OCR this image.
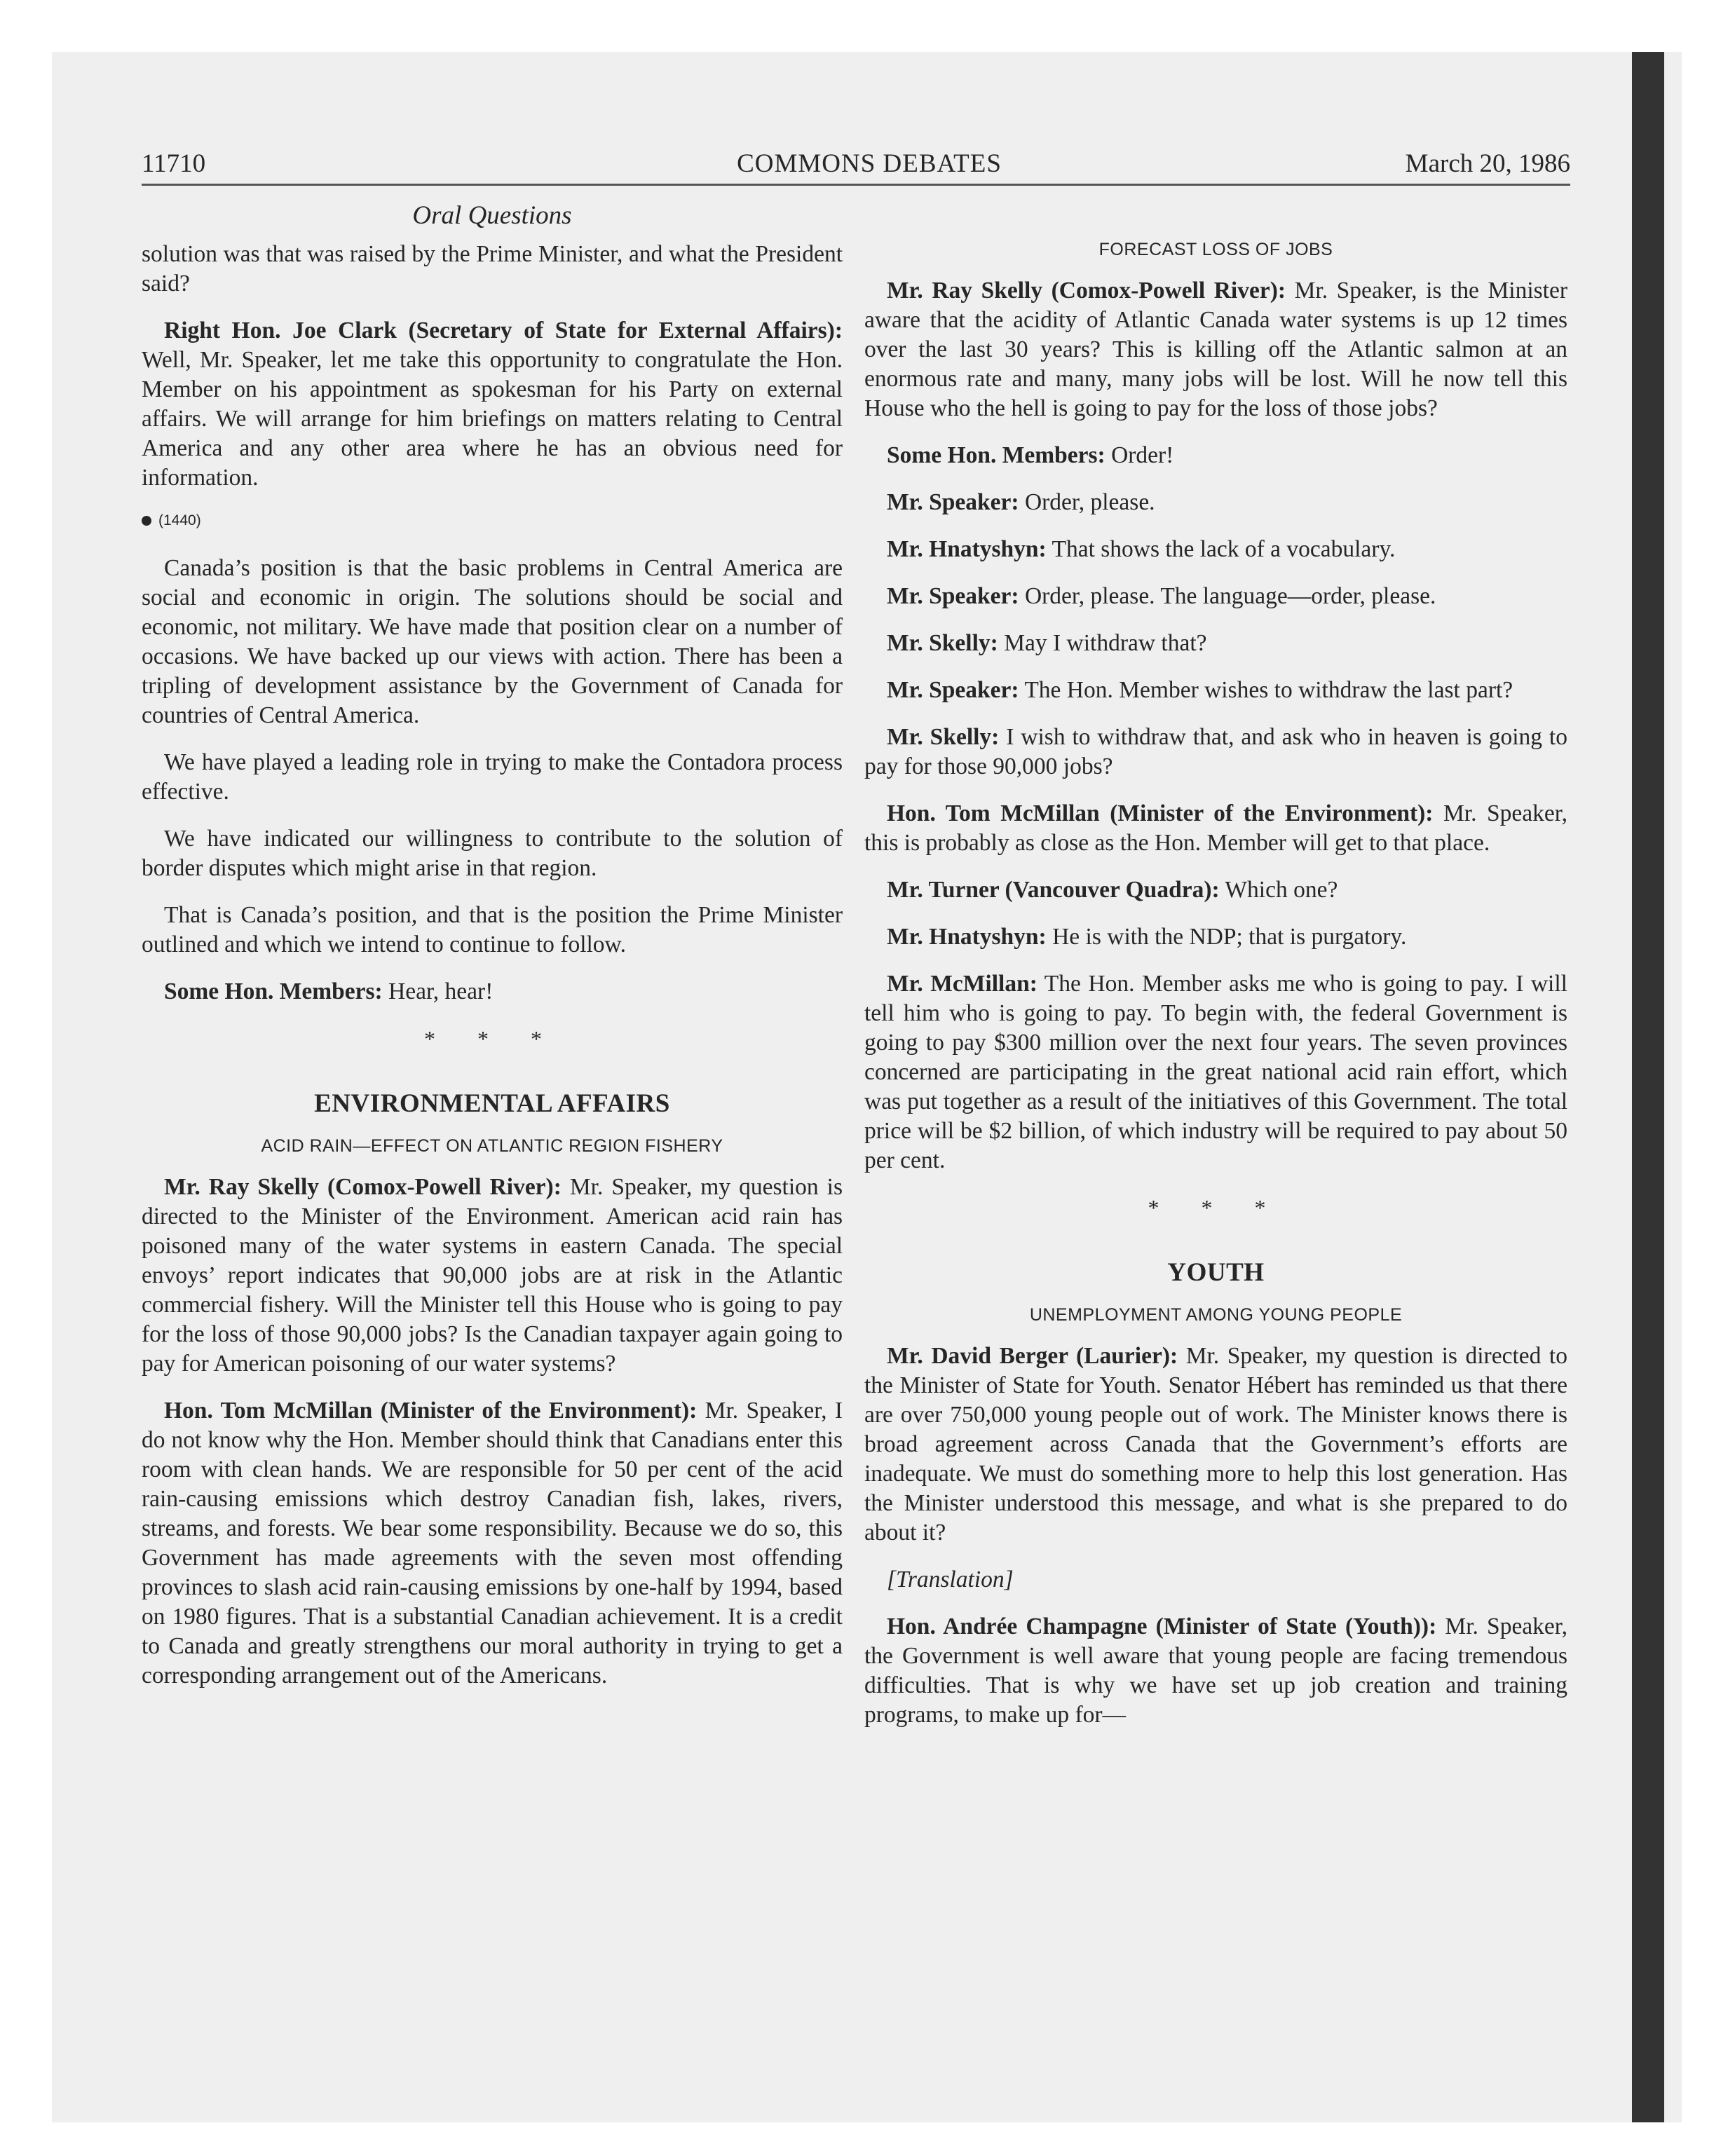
11710	COMMONS DEBATES	March 20, 1986
Oral Questions

solution was that was raised by the Prime Minister, and what the President said?

Right Hon. Joe Clark (Secretary of State for External Affairs): Well, Mr. Speaker, let me take this opportunity to congratulate the Hon. Member on his appointment as spokesman for his Party on external affairs. We will arrange for him briefings on matters relating to Central America and any other area where he has an obvious need for information.

(1440)

Canada’s position is that the basic problems in Central America are social and economic in origin. The solutions should be social and economic, not military. We have made that position clear on a number of occasions. We have backed up our views with action. There has been a tripling of development assistance by the Government of Canada for countries of Central America.

We have played a leading role in trying to make the Contadora process effective.

We have indicated our willingness to contribute to the solution of border disputes which might arise in that region.

That is Canada’s position, and that is the position the Prime Minister outlined and which we intend to continue to follow.

Some Hon. Members: Hear, hear!

* * *
ENVIRONMENTAL AFFAIRS
ACID RAIN—EFFECT ON ATLANTIC REGION FISHERY

Mr. Ray Skelly (Comox-Powell River): Mr. Speaker, my question is directed to the Minister of the Environment. American acid rain has poisoned many of the water systems in eastern Canada. The special envoys’ report indicates that 90,000 jobs are at risk in the Atlantic commercial fishery. Will the Minister tell this House who is going to pay for the loss of those 90,000 jobs? Is the Canadian taxpayer again going to pay for American poisoning of our water systems?

Hon. Tom McMillan (Minister of the Environment): Mr. Speaker, I do not know why the Hon. Member should think that Canadians enter this room with clean hands. We are responsible for 50 per cent of the acid rain-causing emissions which destroy Canadian fish, lakes, rivers, streams, and forests. We bear some responsibility. Because we do so, this Government has made agreements with the seven most offending provinces to slash acid rain-causing emissions by one-half by 1994, based on 1980 figures. That is a substantial Canadian achievement. It is a credit to Canada and greatly strengthens our moral authority in trying to get a corresponding arrangement out of the Americans.

FORECAST LOSS OF JOBS

Mr. Ray Skelly (Comox-Powell River): Mr. Speaker, is the Minister aware that the acidity of Atlantic Canada water systems is up 12 times over the last 30 years? This is killing off the Atlantic salmon at an enormous rate and many, many jobs will be lost. Will he now tell this House who the hell is going to pay for the loss of those jobs?

Some Hon. Members: Order!

Mr. Speaker: Order, please.

Mr. Hnatyshyn: That shows the lack of a vocabulary.

Mr. Speaker: Order, please. The language—order, please.

Mr. Skelly: May I withdraw that?

Mr. Speaker: The Hon. Member wishes to withdraw the last part?

Mr. Skelly: I wish to withdraw that, and ask who in heaven is going to pay for those 90,000 jobs?

Hon. Tom McMillan (Minister of the Environment): Mr. Speaker, this is probably as close as the Hon. Member will get to that place.

Mr. Turner (Vancouver Quadra): Which one?

Mr. Hnatyshyn: He is with the NDP; that is purgatory.

Mr. McMillan: The Hon. Member asks me who is going to pay. I will tell him who is going to pay. To begin with, the federal Government is going to pay $300 million over the next four years. The seven provinces concerned are participating in the great national acid rain effort, which was put together as a result of the initiatives of this Government. The total price will be $2 billion, of which industry will be required to pay about 50 per cent.

* * *
YOUTH
UNEMPLOYMENT AMONG YOUNG PEOPLE

Mr. David Berger (Laurier): Mr. Speaker, my question is directed to the Minister of State for Youth. Senator Hébert has reminded us that there are over 750,000 young people out of work. The Minister knows there is broad agreement across Canada that the Government’s efforts are inadequate. We must do something more to help this lost generation. Has the Minister understood this message, and what is she prepared to do about it?

[Translation]

Hon. Andrée Champagne (Minister of State (Youth)): Mr. Speaker, the Government is well aware that young people are facing tremendous difficulties. That is why we have set up job creation and training programs, to make up for—
